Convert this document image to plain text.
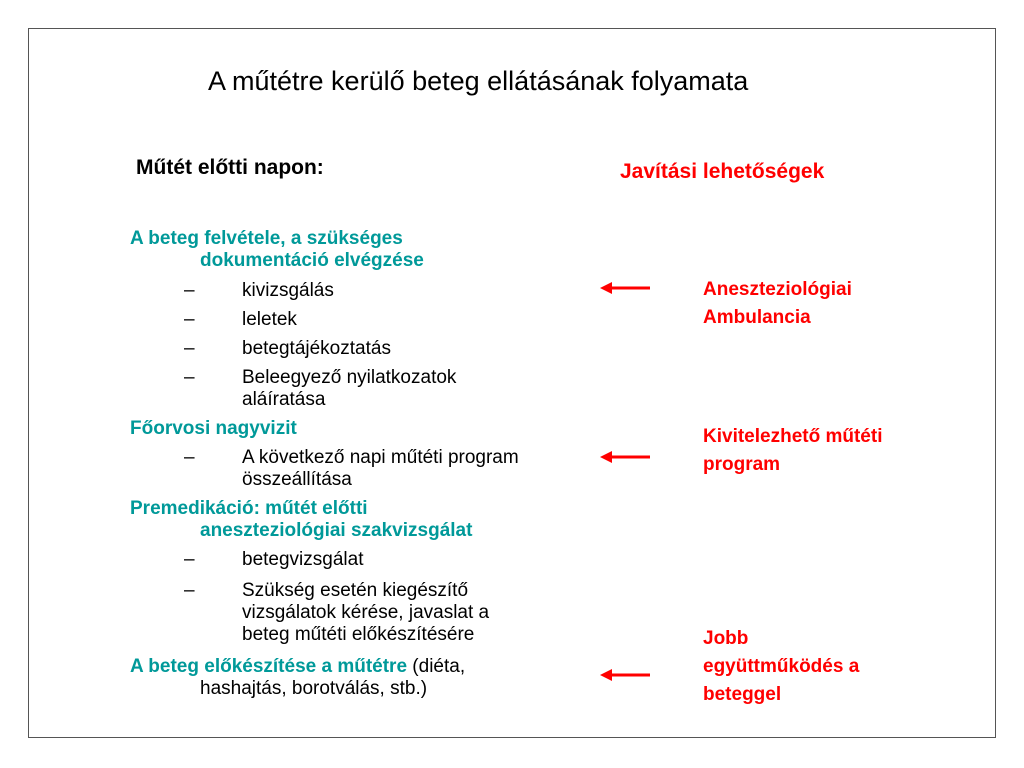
A műtétre kerülő beteg ellátásának folyamata
Műtét előtti napon:	Javítási lehetőségek
A beteg felvétele, a szükséges
dokumentáció elvégzése
– kivizsgálás
– leletek
– betegtájékoztatás
– Beleegyező nyilatkozatok
aláíratása
Főorvosi nagyvizit
– A következő napi műtéti program
összeállítása
Premedikáció: műtét előtti
aneszteziológiai szakvizsgálat
– betegvizsgálat
– Szükség esetén kiegészítő
vizsgálatok kérése, javaslat a
beteg műtéti előkészítésére
A beteg előkészítése a műtétre (diéta,
hashajtás, borotválás, stb.)
Aneszteziológiai
Ambulancia
Kivitelezhető műtéti
program
Jobb
együttműködés a
beteggel
